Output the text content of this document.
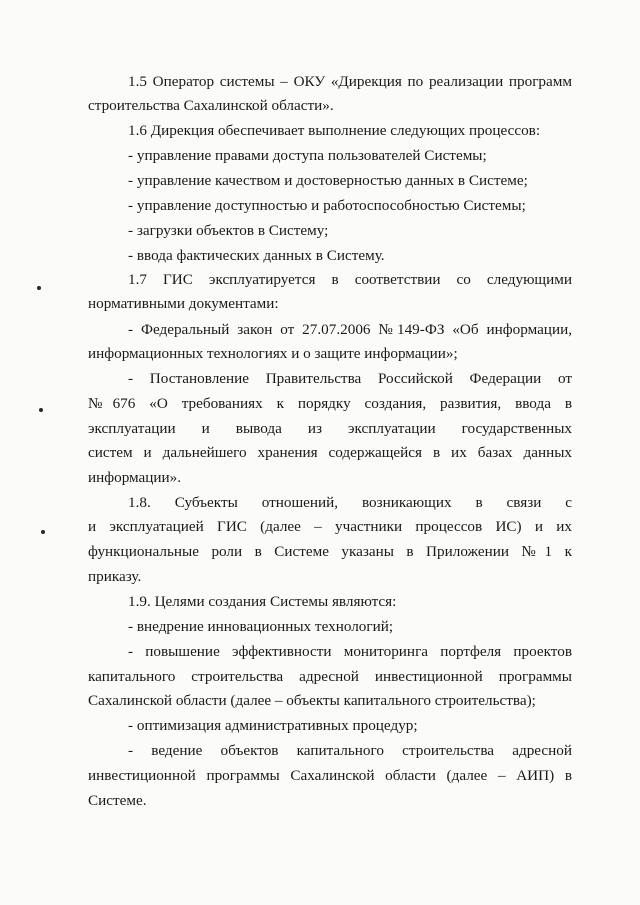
1.5 Оператор системы – ОКУ «Дирекция по реализации программ
строительства Сахалинской области».
1.6 Дирекция обеспечивает выполнение следующих процессов:
- управление правами доступа пользователей Системы;
- управление качеством и достоверностью данных в Системе;
- управление доступностью и работоспособностью Системы;
- загрузки объектов в Систему;
- ввода фактических данных в Систему.
1.7 ГИС эксплуатируется в соответствии со следующими
нормативными документами:
- Федеральный закон от 27.07.2006 №149-ФЗ «Об информации,
информационных технологиях и о защите информации»;
- Постановление Правительства Российской Федерации от
№676 «О требованиях к порядку создания, развития, ввода в
эксплуатации и вывода из эксплуатации государственных
систем и дальнейшего хранения содержащейся в их базах данных
информации».
1.8. Субъекты отношений, возникающих в связи с
и эксплуатацией ГИС (далее – участники процессов ИС) и их
функциональные роли в Системе указаны в Приложении №1 к
приказу.
1.9. Целями создания Системы являются:
- внедрение инновационных технологий;
- повышение эффективности мониторинга портфеля проектов
капитального строительства адресной инвестиционной программы
Сахалинской области (далее – объекты капитального строительства);
- оптимизация административных процедур;
- ведение объектов капитального строительства адресной
инвестиционной программы Сахалинской области (далее – АИП) в
Системе.
